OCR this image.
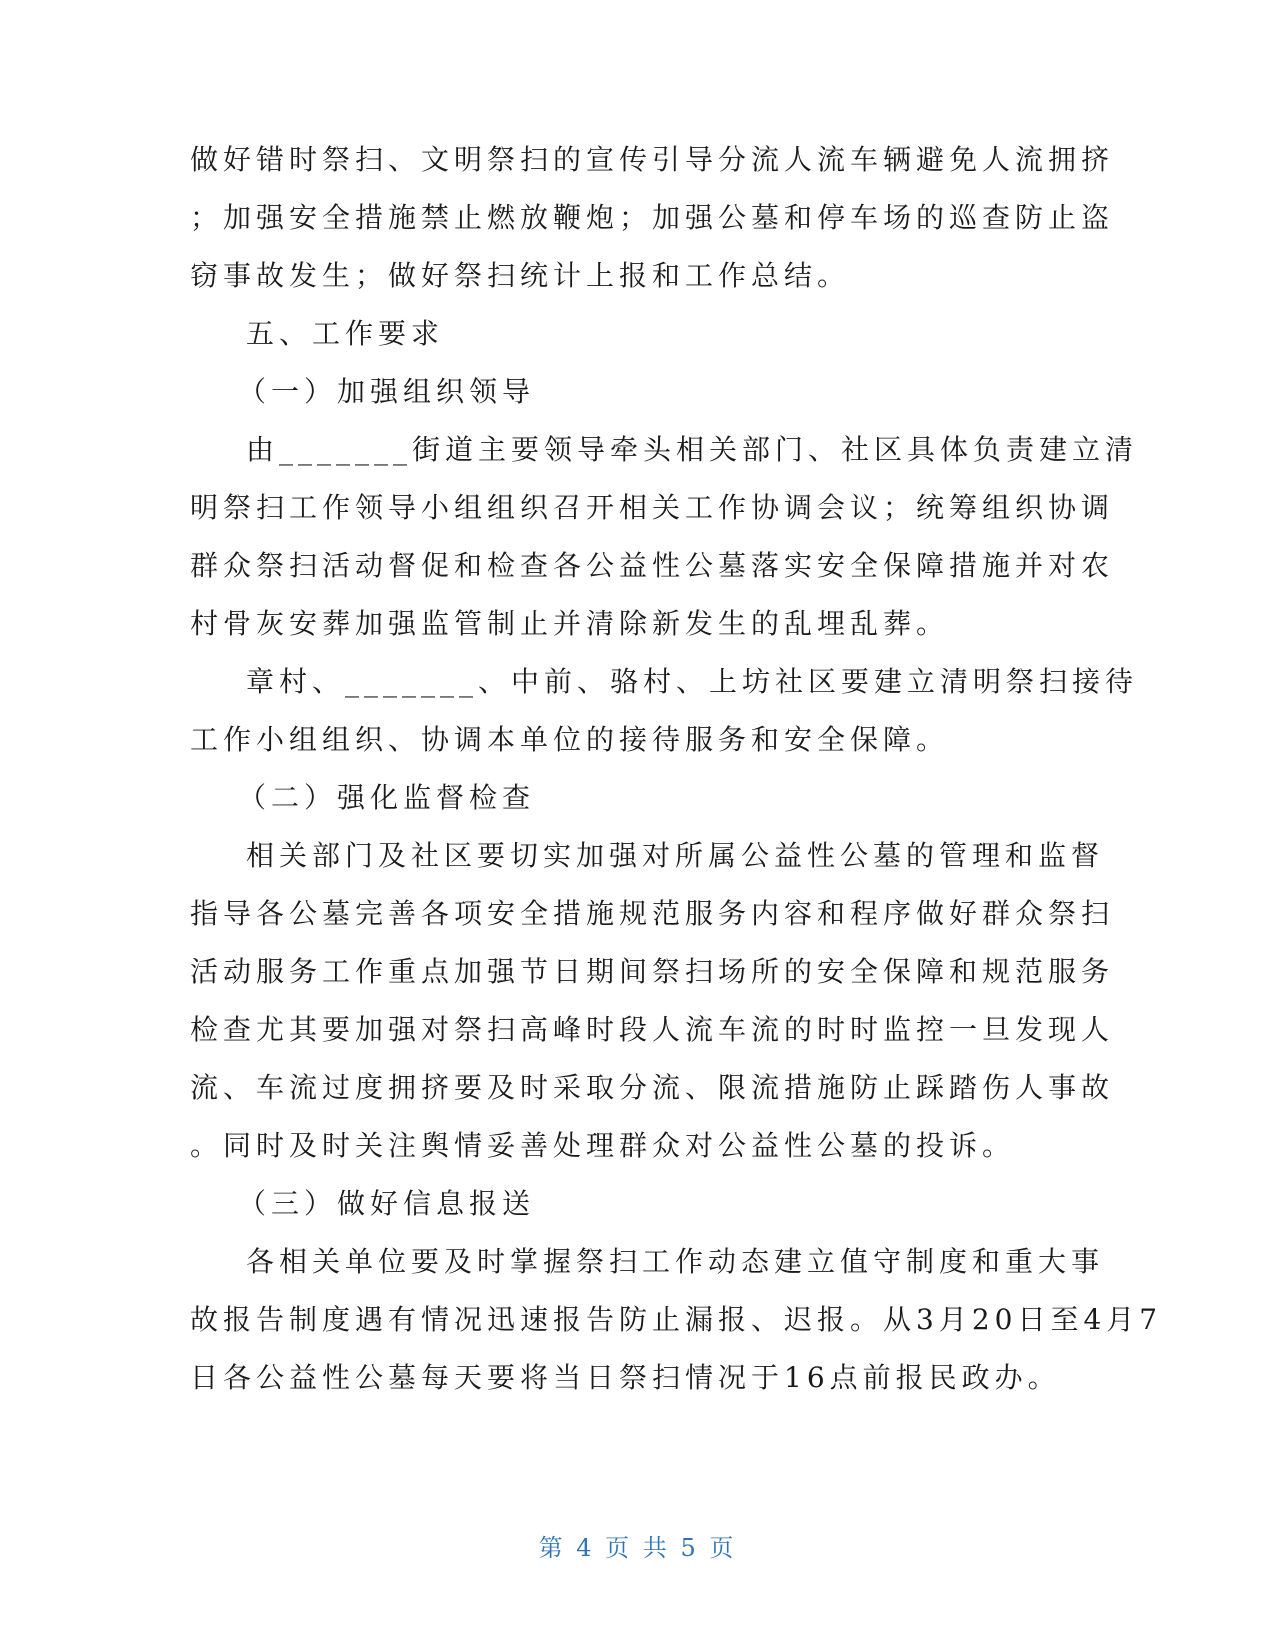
做好错时祭扫、文明祭扫的宣传引导分流人流车辆避免人流拥挤
；加强安全措施禁止燃放鞭炮；加强公墓和停车场的巡查防止盗
窃事故发生；做好祭扫统计上报和工作总结。
五、工作要求
（一）加强组织领导
由_______街道主要领导牵头相关部门、社区具体负责建立清
明祭扫工作领导小组组织召开相关工作协调会议；统筹组织协调
群众祭扫活动督促和检查各公益性公墓落实安全保障措施并对农
村骨灰安葬加强监管制止并清除新发生的乱埋乱葬。
章村、_______、中前、骆村、上坊社区要建立清明祭扫接待
工作小组组织、协调本单位的接待服务和安全保障。
（二）强化监督检查
相关部门及社区要切实加强对所属公益性公墓的管理和监督
指导各公墓完善各项安全措施规范服务内容和程序做好群众祭扫
活动服务工作重点加强节日期间祭扫场所的安全保障和规范服务
检查尤其要加强对祭扫高峰时段人流车流的时时监控一旦发现人
流、车流过度拥挤要及时采取分流、限流措施防止踩踏伤人事故
。同时及时关注舆情妥善处理群众对公益性公墓的投诉。
（三）做好信息报送
各相关单位要及时掌握祭扫工作动态建立值守制度和重大事
故报告制度遇有情况迅速报告防止漏报、迟报。从3月20日至4月7
日各公益性公墓每天要将当日祭扫情况于16点前报民政办。
第 4 页 共 5 页
